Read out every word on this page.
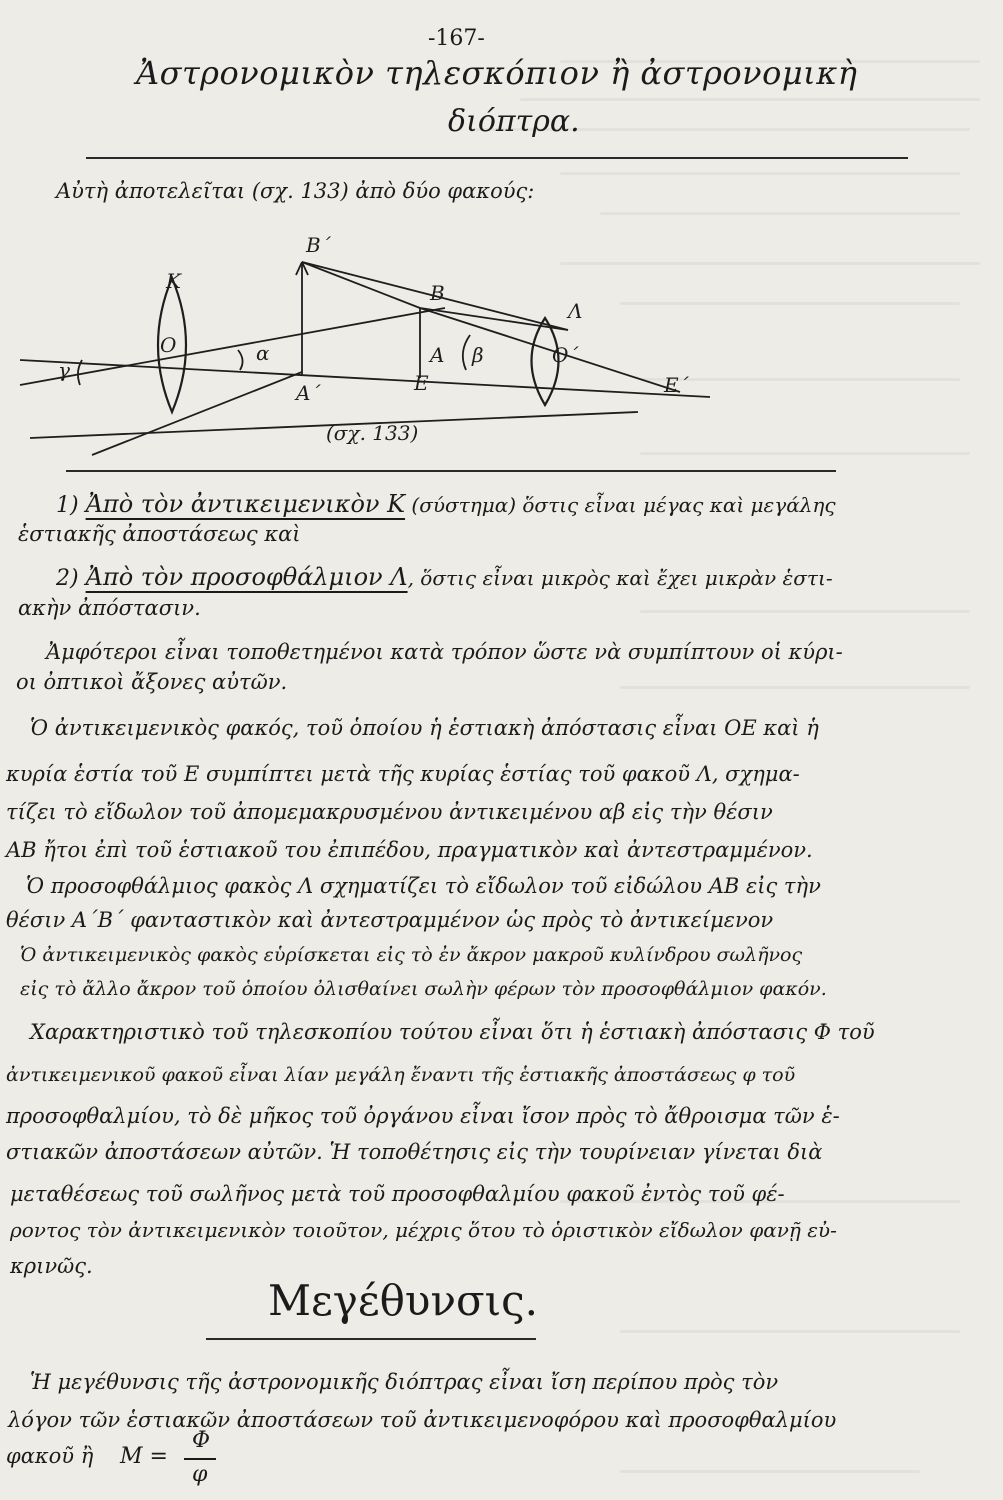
-167-
Ἀστρονομικὸν τηλεσκόπιον ἢ ἀστρονομικὴ
διόπτρα.
Αὐτὴ ἀποτελεῖται (σχ. 133) ἀπὸ δύο φακούς:
Β΄
Κ	Β
Λ
γ
Ο	α	Α β	Ο΄
Α΄	Ε	Ε΄
(σχ. 133)
1) Ἀπὸ τὸν ἀντικειμενικὸν Κ (σύστημα) ὅστις εἶναι μέγας καὶ μεγάλης
ἑστιακῆς ἀποστάσεως καὶ
2) Ἀπὸ τὸν προσοφθάλμιον Λ, ὅστις εἶναι μικρὸς καὶ ἔχει μικρὰν ἑστι-
ακὴν ἀπόστασιν.
Ἀμφότεροι εἶναι τοποθετημένοι κατὰ τρόπον ὥστε νὰ συμπίπτουν οἱ κύρι-
οι ὀπτικοὶ ἄξονες αὐτῶν.
Ὁ ἀντικειμενικὸς φακός, τοῦ ὁποίου ἡ ἑστιακὴ ἀπόστασις εἶναι ΟΕ καὶ ἡ
κυρία ἑστία τοῦ Ε συμπίπτει μετὰ τῆς κυρίας ἑστίας τοῦ φακοῦ Λ, σχημα-
τίζει τὸ εἴδωλον τοῦ ἀπομεμακρυσμένου ἀντικειμένου αβ εἰς τὴν θέσιν
ΑΒ ἤτοι ἐπὶ τοῦ ἑστιακοῦ του ἐπιπέδου, πραγματικὸν καὶ ἀντεστραμμένον.
Ὁ προσοφθάλμιος φακὸς Λ σχηματίζει τὸ εἴδωλον τοῦ εἰδώλου ΑΒ εἰς τὴν
θέσιν Α΄Β΄ φανταστικὸν καὶ ἀντεστραμμένον ὡς πρὸς τὸ ἀντικείμενον
Ὁ ἀντικειμενικὸς φακὸς εὑρίσκεται εἰς τὸ ἐν ἄκρον μακροῦ κυλίνδρου σωλῆνος
εἰς τὸ ἄλλο ἄκρον τοῦ ὁποίου ὀλισθαίνει σωλὴν φέρων τὸν προσοφθάλμιον φακόν.
Χαρακτηριστικὸ τοῦ τηλεσκοπίου τούτου εἶναι ὅτι ἡ ἑστιακὴ ἀπόστασις Φ τοῦ
ἀντικειμενικοῦ φακοῦ εἶναι λίαν μεγάλη ἔναντι τῆς ἑστιακῆς ἀποστάσεως φ τοῦ
προσοφθαλμίου, τὸ δὲ μῆκος τοῦ ὀργάνου εἶναι ἴσον πρὸς τὸ ἄθροισμα τῶν ἑ-
στιακῶν ἀποστάσεων αὐτῶν. Ἡ τοποθέτησις εἰς τὴν τουρίνειαν γίνεται διὰ
μεταθέσεως τοῦ σωλῆνος μετὰ τοῦ προσοφθαλμίου φακοῦ ἐντὸς τοῦ φέ-
ροντος τὸν ἀντικειμενικὸν τοιοῦτον, μέχρις ὅτου τὸ ὁριστικὸν εἴδωλον φανῇ εὐ-
κρινῶς.
Μεγέθυνσις.
Ἡ μεγέθυνσις τῆς ἀστρονομικῆς διόπτρας εἶναι ἴση περίπου πρὸς τὸν
λόγον τῶν ἑστιακῶν ἀποστάσεων τοῦ ἀντικειμενοφόρου καὶ προσοφθαλμίου
φακοῦ ἢ Μ =
Φ
φ
